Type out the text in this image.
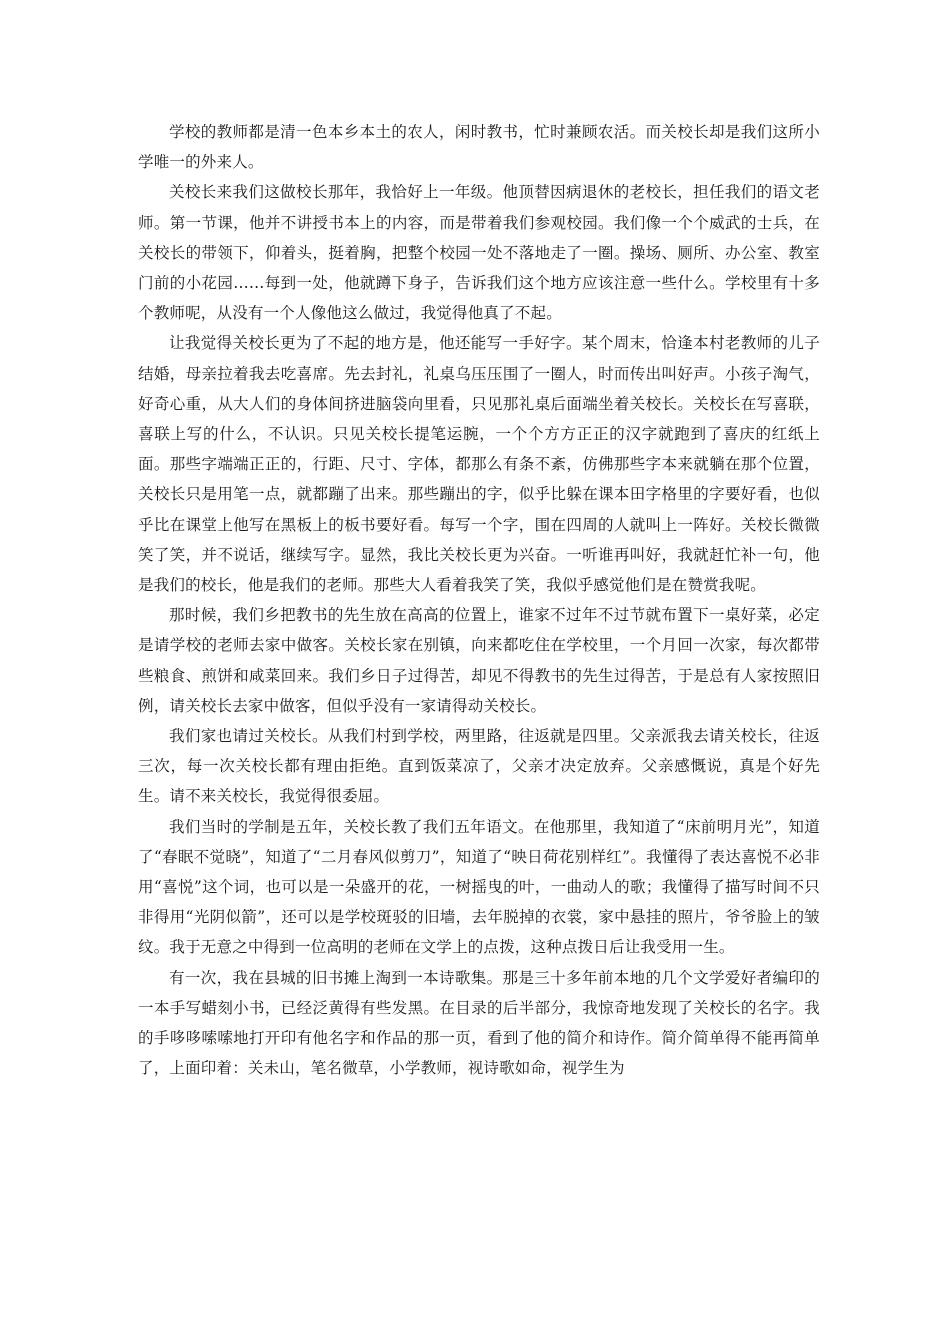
学校的教师都是清一色本乡本土的农人，闲时教书，忙时兼顾农活。而关校长却是我们这所小学唯一的外来人。

关校长来我们这做校长那年，我恰好上一年级。他顶替因病退休的老校长，担任我们的语文老师。第一节课，他并不讲授书本上的内容，而是带着我们参观校园。我们像一个个威武的士兵，在关校长的带领下，仰着头，挺着胸，把整个校园一处不落地走了一圈。操场、厕所、办公室、教室门前的小花园……每到一处，他就蹲下身子，告诉我们这个地方应该注意一些什么。学校里有十多个教师呢，从没有一个人像他这么做过，我觉得他真了不起。

让我觉得关校长更为了不起的地方是，他还能写一手好字。某个周末，恰逢本村老教师的儿子结婚，母亲拉着我去吃喜席。先去封礼，礼桌乌压压围了一圈人，时而传出叫好声。小孩子淘气，好奇心重，从大人们的身体间挤进脑袋向里看，只见那礼桌后面端坐着关校长。关校长在写喜联，喜联上写的什么，不认识。只见关校长提笔运腕，一个个方方正正的汉字就跑到了喜庆的红纸上面。那些字端端正正的，行距、尺寸、字体，都那么有条不紊，仿佛那些字本来就躺在那个位置，关校长只是用笔一点，就都蹦了出来。那些蹦出的字，似乎比躲在课本田字格里的字要好看，也似乎比在课堂上他写在黑板上的板书要好看。每写一个字，围在四周的人就叫上一阵好。关校长微微笑了笑，并不说话，继续写字。显然，我比关校长更为兴奋。一听谁再叫好，我就赶忙补一句，他是我们的校长，他是我们的老师。那些大人看着我笑了笑，我似乎感觉他们是在赞赏我呢。

那时候，我们乡把教书的先生放在高高的位置上，谁家不过年不过节就布置下一桌好菜，必定是请学校的老师去家中做客。关校长家在别镇，向来都吃住在学校里，一个月回一次家，每次都带些粮食、煎饼和咸菜回来。我们乡日子过得苦，却见不得教书的先生过得苦，于是总有人家按照旧例，请关校长去家中做客，但似乎没有一家请得动关校长。

我们家也请过关校长。从我们村到学校，两里路，往返就是四里。父亲派我去请关校长，往返三次，每一次关校长都有理由拒绝。直到饭菜凉了，父亲才决定放弃。父亲感慨说，真是个好先生。请不来关校长，我觉得很委屈。

我们当时的学制是五年，关校长教了我们五年语文。在他那里，我知道了“床前明月光”，知道了“春眠不觉晓”，知道了“二月春风似剪刀”，知道了“映日荷花别样红”。我懂得了表达喜悦不必非用“喜悦”这个词，也可以是一朵盛开的花，一树摇曳的叶，一曲动人的歌；我懂得了描写时间不只非得用“光阴似箭”，还可以是学校斑驳的旧墙，去年脱掉的衣裳，家中悬挂的照片，爷爷脸上的皱纹。我于无意之中得到一位高明的老师在文学上的点拨，这种点拨日后让我受用一生。

有一次，我在县城的旧书摊上淘到一本诗歌集。那是三十多年前本地的几个文学爱好者编印的一本手写蜡刻小书，已经泛黄得有些发黑。在目录的后半部分，我惊奇地发现了关校长的名字。我的手哆哆嗦嗦地打开印有他名字和作品的那一页，看到了他的简介和诗作。简介简单得不能再简单了，上面印着：关未山，笔名微草，小学教师，视诗歌如命，视学生为
